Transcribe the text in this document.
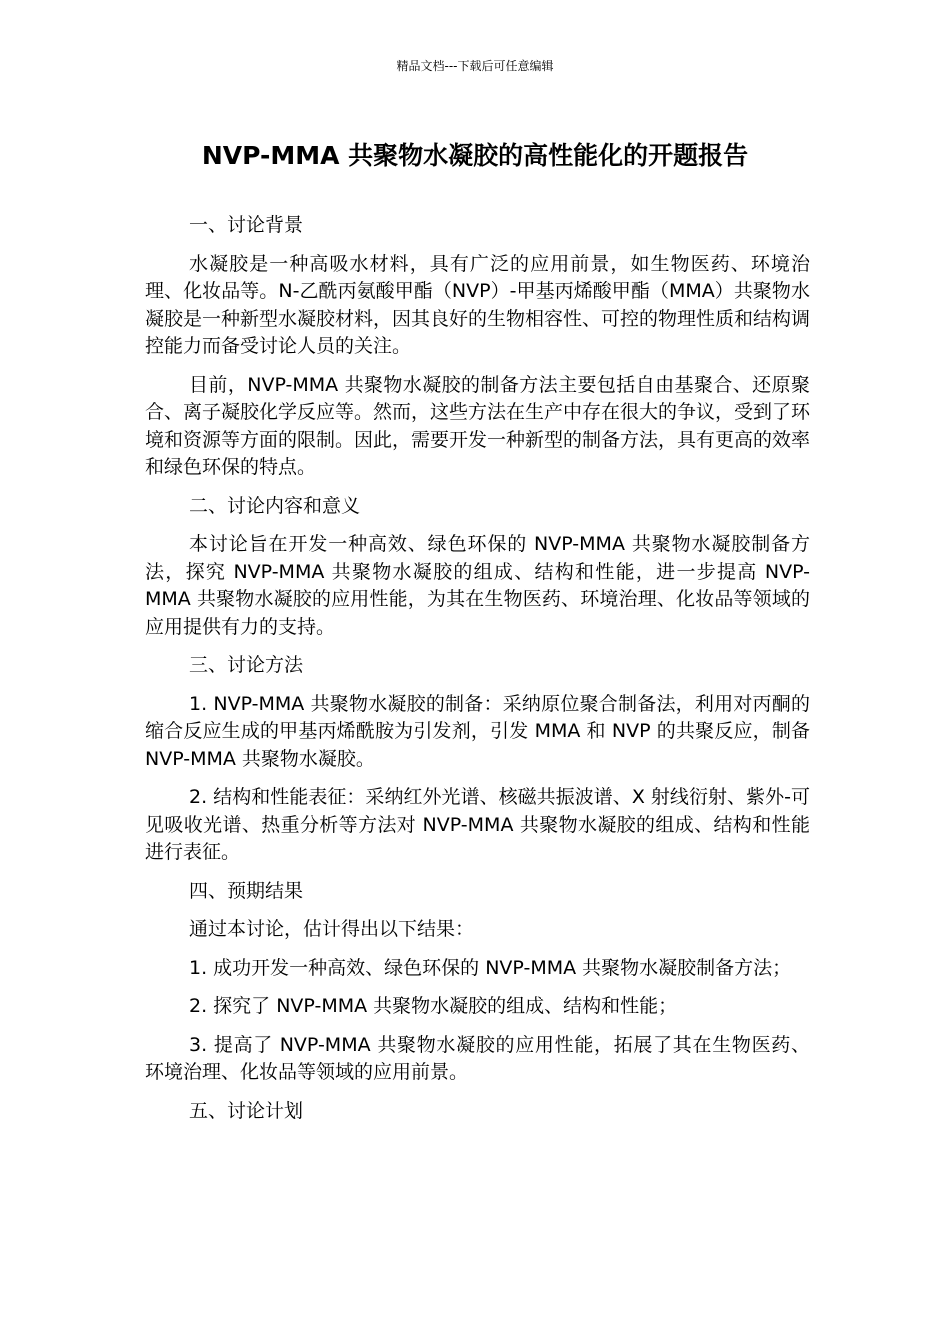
精品文档---下载后可任意编辑
NVP-MMA 共聚物水凝胶的高性能化的开题报告

一、讨论背景

水凝胶是一种高吸水材料，具有广泛的应用前景，如生物医药、环境治理、化妆品等。N-乙酰丙氨酸甲酯（NVP）-甲基丙烯酸甲酯（MMA）共聚物水凝胶是一种新型水凝胶材料，因其良好的生物相容性、可控的物理性质和结构调控能力而备受讨论人员的关注。

目前，NVP-MMA 共聚物水凝胶的制备方法主要包括自由基聚合、还原聚合、离子凝胶化学反应等。然而，这些方法在生产中存在很大的争议，受到了环境和资源等方面的限制。因此，需要开发一种新型的制备方法，具有更高的效率和绿色环保的特点。

二、讨论内容和意义

本讨论旨在开发一种高效、绿色环保的 NVP-MMA 共聚物水凝胶制备方法，探究 NVP-MMA 共聚物水凝胶的组成、结构和性能，进一步提高 NVP-MMA 共聚物水凝胶的应用性能，为其在生物医药、环境治理、化妆品等领域的应用提供有力的支持。

三、讨论方法

1. NVP-MMA 共聚物水凝胶的制备：采纳原位聚合制备法，利用对丙酮的缩合反应生成的甲基丙烯酰胺为引发剂，引发 MMA 和 NVP 的共聚反应，制备 NVP-MMA 共聚物水凝胶。

2. 结构和性能表征：采纳红外光谱、核磁共振波谱、X 射线衍射、紫外-可见吸收光谱、热重分析等方法对 NVP-MMA 共聚物水凝胶的组成、结构和性能进行表征。

四、预期结果

通过本讨论，估计得出以下结果：

1. 成功开发一种高效、绿色环保的 NVP-MMA 共聚物水凝胶制备方法；

2. 探究了 NVP-MMA 共聚物水凝胶的组成、结构和性能；

3. 提高了 NVP-MMA 共聚物水凝胶的应用性能，拓展了其在生物医药、环境治理、化妆品等领域的应用前景。

五、讨论计划
